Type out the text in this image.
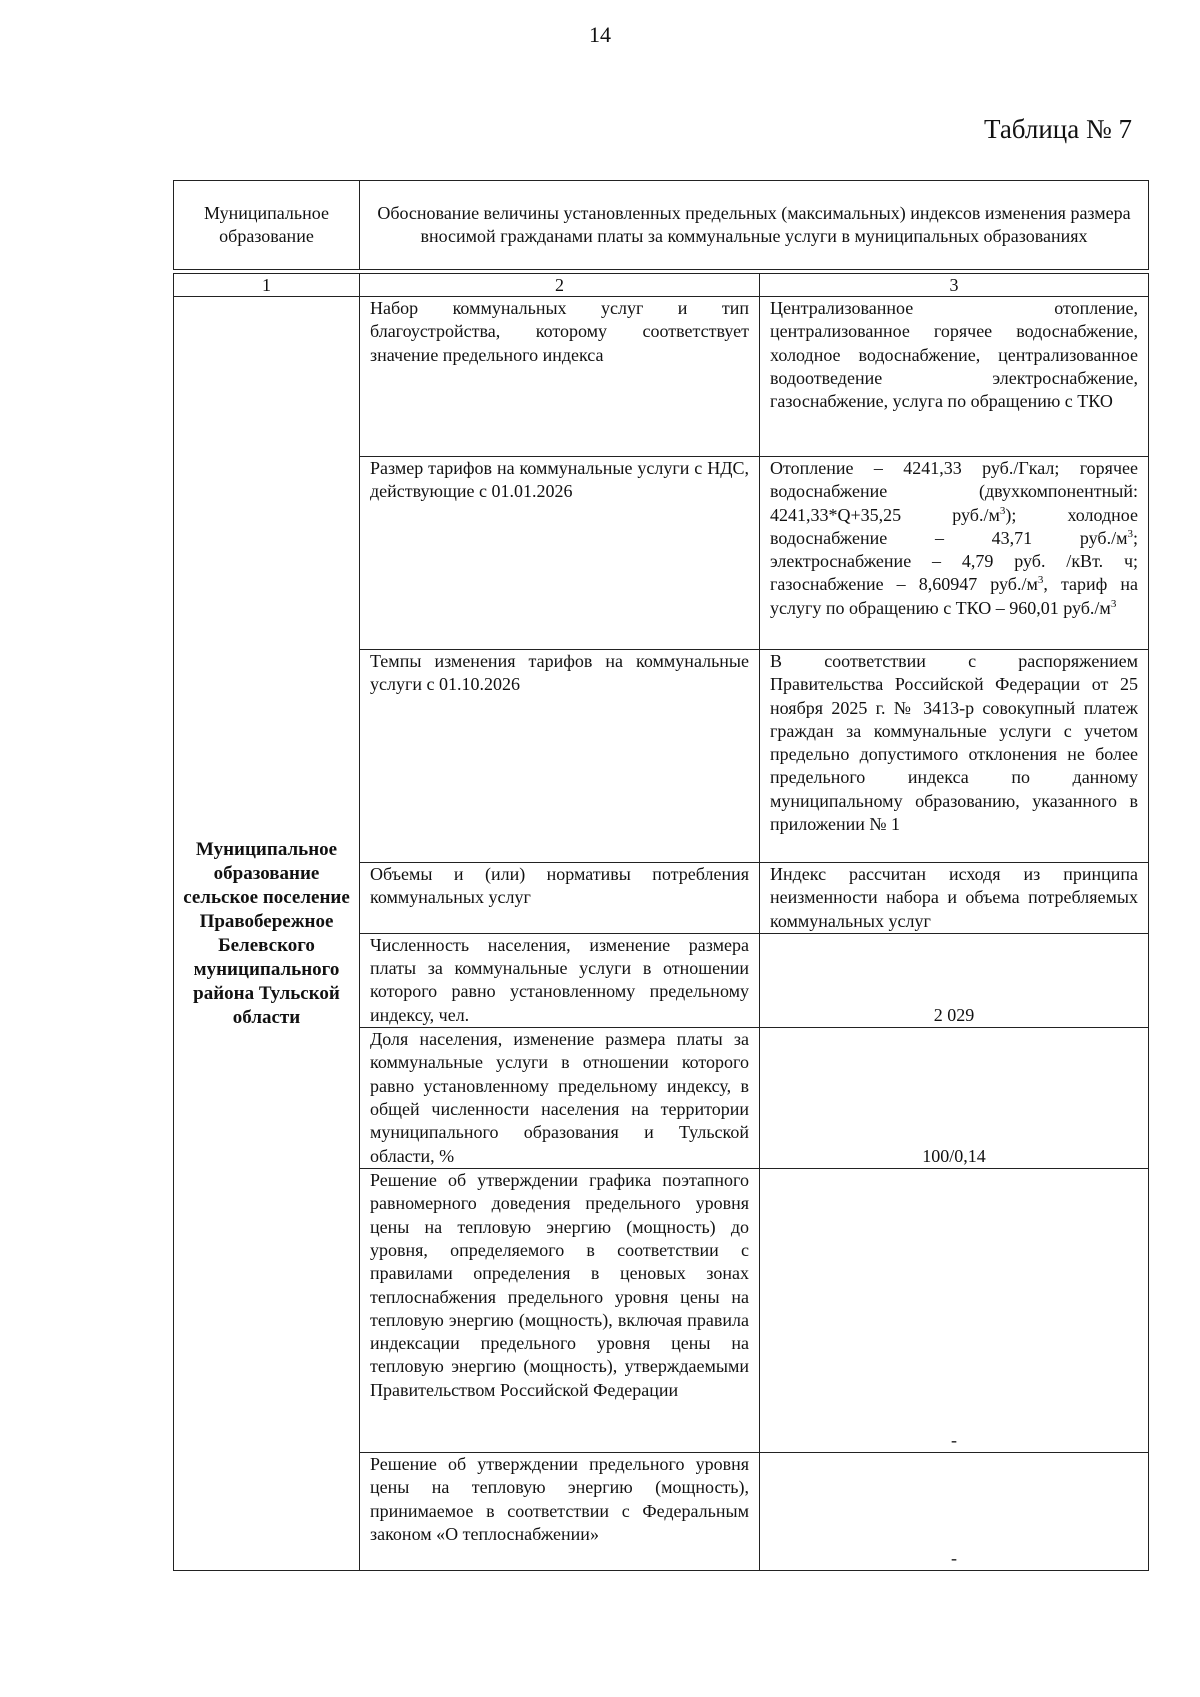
14
Таблица № 7
Муниципальное образование	Обоснование величины установленных предельных (максимальных) индексов изменения размера вносимой гражданами платы за коммунальные услуги в муниципальных образованиях
1	2	3
Муниципальное образование сельское поселение Правобережное Белевского муниципального района Тульской области	Набор коммунальных услуг и тип благоустройства, которому соответствует значение предельного индекса	Централизованное отопление, централизованное горячее водоснабжение, холодное водоснабжение, централизованное водоотведение электроснабжение, газоснабжение, услуга по обращению с ТКО
	Размер тарифов на коммунальные услуги с НДС, действующие с 01.01.2026	Отопление – 4241,33 руб./Гкал; горячее водоснабжение (двухкомпонентный: 4241,33*Q+35,25 $руб./м^3$); холодное водоснабжение – 43,71 $руб./м^3$; электроснабжение – 4,79 руб. /кВт. ч; газоснабжение – 8,60947 $руб./м^3$, тариф на услугу по обращению с ТКО – 960,01 $руб./м^3$
	Темпы изменения тарифов на коммунальные услуги с 01.10.2026	В соответствии с распоряжением Правительства Российской Федерации от 25 ноября 2025 г. № 3413-р совокупный платеж граждан за коммунальные услуги с учетом предельно допустимого отклонения не более предельного индекса по данному муниципальному образованию, указанного в приложении № 1
	Объемы и (или) нормативы потребления коммунальных услуг	Индекс рассчитан исходя из принципа неизменности набора и объема потребляемых коммунальных услуг
	Численность населения, изменение размера платы за коммунальные услуги в отношении которого равно установленному предельному индексу, чел.	2 029
	Доля населения, изменение размера платы за коммунальные услуги в отношении которого равно установленному предельному индексу, в общей численности населения на территории муниципального образования и Тульской области, %	100/0,14
	Решение об утверждении графика поэтапного равномерного доведения предельного уровня цены на тепловую энергию (мощность) до уровня, определяемого в соответствии с правилами определения в ценовых зонах теплоснабжения предельного уровня цены на тепловую энергию (мощность), включая правила индексации предельного уровня цены на тепловую энергию (мощность), утверждаемыми Правительством Российской Федерации	-
	Решение об утверждении предельного уровня цены на тепловую энергию (мощность), принимаемое в соответствии с Федеральным законом «О теплоснабжении»	-
